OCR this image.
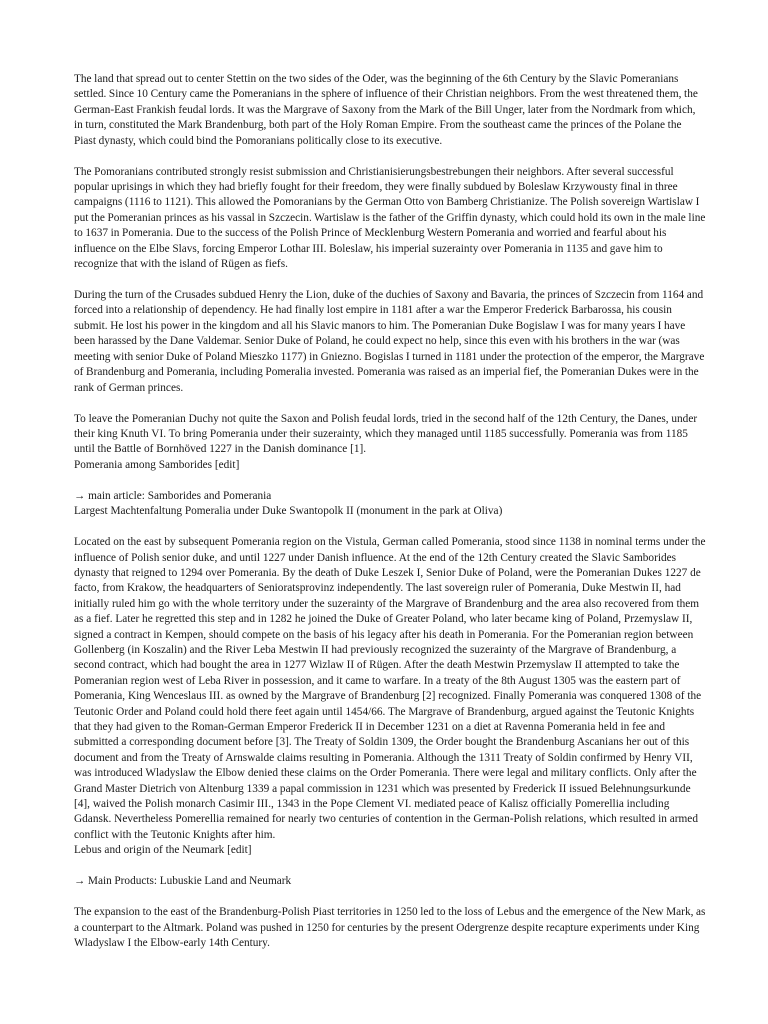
The land that spread out to center Stettin on the two sides of the Oder, was the beginning of the 6th Century by the Slavic Pomeranians settled. Since 10 Century came the Pomeranians in the sphere of influence of their Christian neighbors. From the west threatened them, the German-East Frankish feudal lords. It was the Margrave of Saxony from the Mark of the Bill Unger, later from the Nordmark from which, in turn, constituted the Mark Brandenburg, both part of the Holy Roman Empire. From the southeast came the princes of the Polane the Piast dynasty, which could bind the Pomoranians politically close to its executive.

The Pomoranians contributed strongly resist submission and Christianisierungsbestrebungen their neighbors. After several successful popular uprisings in which they had briefly fought for their freedom, they were finally subdued by Boleslaw Krzywousty final in three campaigns (1116 to 1121). This allowed the Pomoranians by the German Otto von Bamberg Christianize. The Polish sovereign Wartislaw I put the Pomeranian princes as his vassal in Szczecin. Wartislaw is the father of the Griffin dynasty, which could hold its own in the male line to 1637 in Pomerania. Due to the success of the Polish Prince of Mecklenburg Western Pomerania and worried and fearful about his influence on the Elbe Slavs, forcing Emperor Lothar III. Boleslaw, his imperial suzerainty over Pomerania in 1135 and gave him to recognize that with the island of Rügen as fiefs.

During the turn of the Crusades subdued Henry the Lion, duke of the duchies of Saxony and Bavaria, the princes of Szczecin from 1164 and forced into a relationship of dependency. He had finally lost empire in 1181 after a war the Emperor Frederick Barbarossa, his cousin submit. He lost his power in the kingdom and all his Slavic manors to him. The Pomeranian Duke Bogislaw I was for many years I have been harassed by the Dane Valdemar. Senior Duke of Poland, he could expect no help, since this even with his brothers in the war (was meeting with senior Duke of Poland Mieszko 1177) in Gniezno. Bogislas I turned in 1181 under the protection of the emperor, the Margrave of Brandenburg and Pomerania, including Pomeralia invested. Pomerania was raised as an imperial fief, the Pomeranian Dukes were in the rank of German princes.

To leave the Pomeranian Duchy not quite the Saxon and Polish feudal lords, tried in the second half of the 12th Century, the Danes, under their king Knuth VI. To bring Pomerania under their suzerainty, which they managed until 1185 successfully. Pomerania was from 1185 until the Battle of Bornhöved 1227 in the Danish dominance [1].

Pomerania among Samborides [edit]

→ main article: Samborides and Pomerania

Largest Machtenfaltung Pomeralia under Duke Swantopolk II (monument in the park at Oliva)

Located on the east by subsequent Pomerania region on the Vistula, German called Pomerania, stood since 1138 in nominal terms under the influence of Polish senior duke, and until 1227 under Danish influence. At the end of the 12th Century created the Slavic Samborides dynasty that reigned to 1294 over Pomerania. By the death of Duke Leszek I, Senior Duke of Poland, were the Pomeranian Dukes 1227 de facto, from Krakow, the headquarters of Senioratsprovinz independently. The last sovereign ruler of Pomerania, Duke Mestwin II, had initially ruled him go with the whole territory under the suzerainty of the Margrave of Brandenburg and the area also recovered from them as a fief. Later he regretted this step and in 1282 he joined the Duke of Greater Poland, who later became king of Poland, Przemyslaw II, signed a contract in Kempen, should compete on the basis of his legacy after his death in Pomerania. For the Pomeranian region between Gollenberg (in Koszalin) and the River Leba Mestwin II had previously recognized the suzerainty of the Margrave of Brandenburg, a second contract, which had bought the area in 1277 Wizlaw II of Rügen. After the death Mestwin Przemyslaw II attempted to take the Pomeranian region west of Leba River in possession, and it came to warfare. In a treaty of the 8th August 1305 was the eastern part of Pomerania, King Wenceslaus III. as owned by the Margrave of Brandenburg [2] recognized. Finally Pomerania was conquered 1308 of the Teutonic Order and Poland could hold there feet again until 1454/66. The Margrave of Brandenburg, argued against the Teutonic Knights that they had given to the Roman-German Emperor Frederick II in December 1231 on a diet at Ravenna Pomerania held in fee and submitted a corresponding document before [3]. The Treaty of Soldin 1309, the Order bought the Brandenburg Ascanians her out of this document and from the Treaty of Arnswalde claims resulting in Pomerania. Although the 1311 Treaty of Soldin confirmed by Henry VII, was introduced Wladyslaw the Elbow denied these claims on the Order Pomerania. There were legal and military conflicts. Only after the Grand Master Dietrich von Altenburg 1339 a papal commission in 1231 which was presented by Frederick II issued Belehnungsurkunde [4], waived the Polish monarch Casimir III., 1343 in the Pope Clement VI. mediated peace of Kalisz officially Pomerellia including Gdansk. Nevertheless Pomerellia remained for nearly two centuries of contention in the German-Polish relations, which resulted in armed conflict with the Teutonic Knights after him.

Lebus and origin of the Neumark [edit]

→ Main Products: Lubuskie Land and Neumark

The expansion to the east of the Brandenburg-Polish Piast territories in 1250 led to the loss of Lebus and the emergence of the New Mark, as a counterpart to the Altmark. Poland was pushed in 1250 for centuries by the present Odergrenze despite recapture experiments under King Wladyslaw I the Elbow-early 14th Century.
